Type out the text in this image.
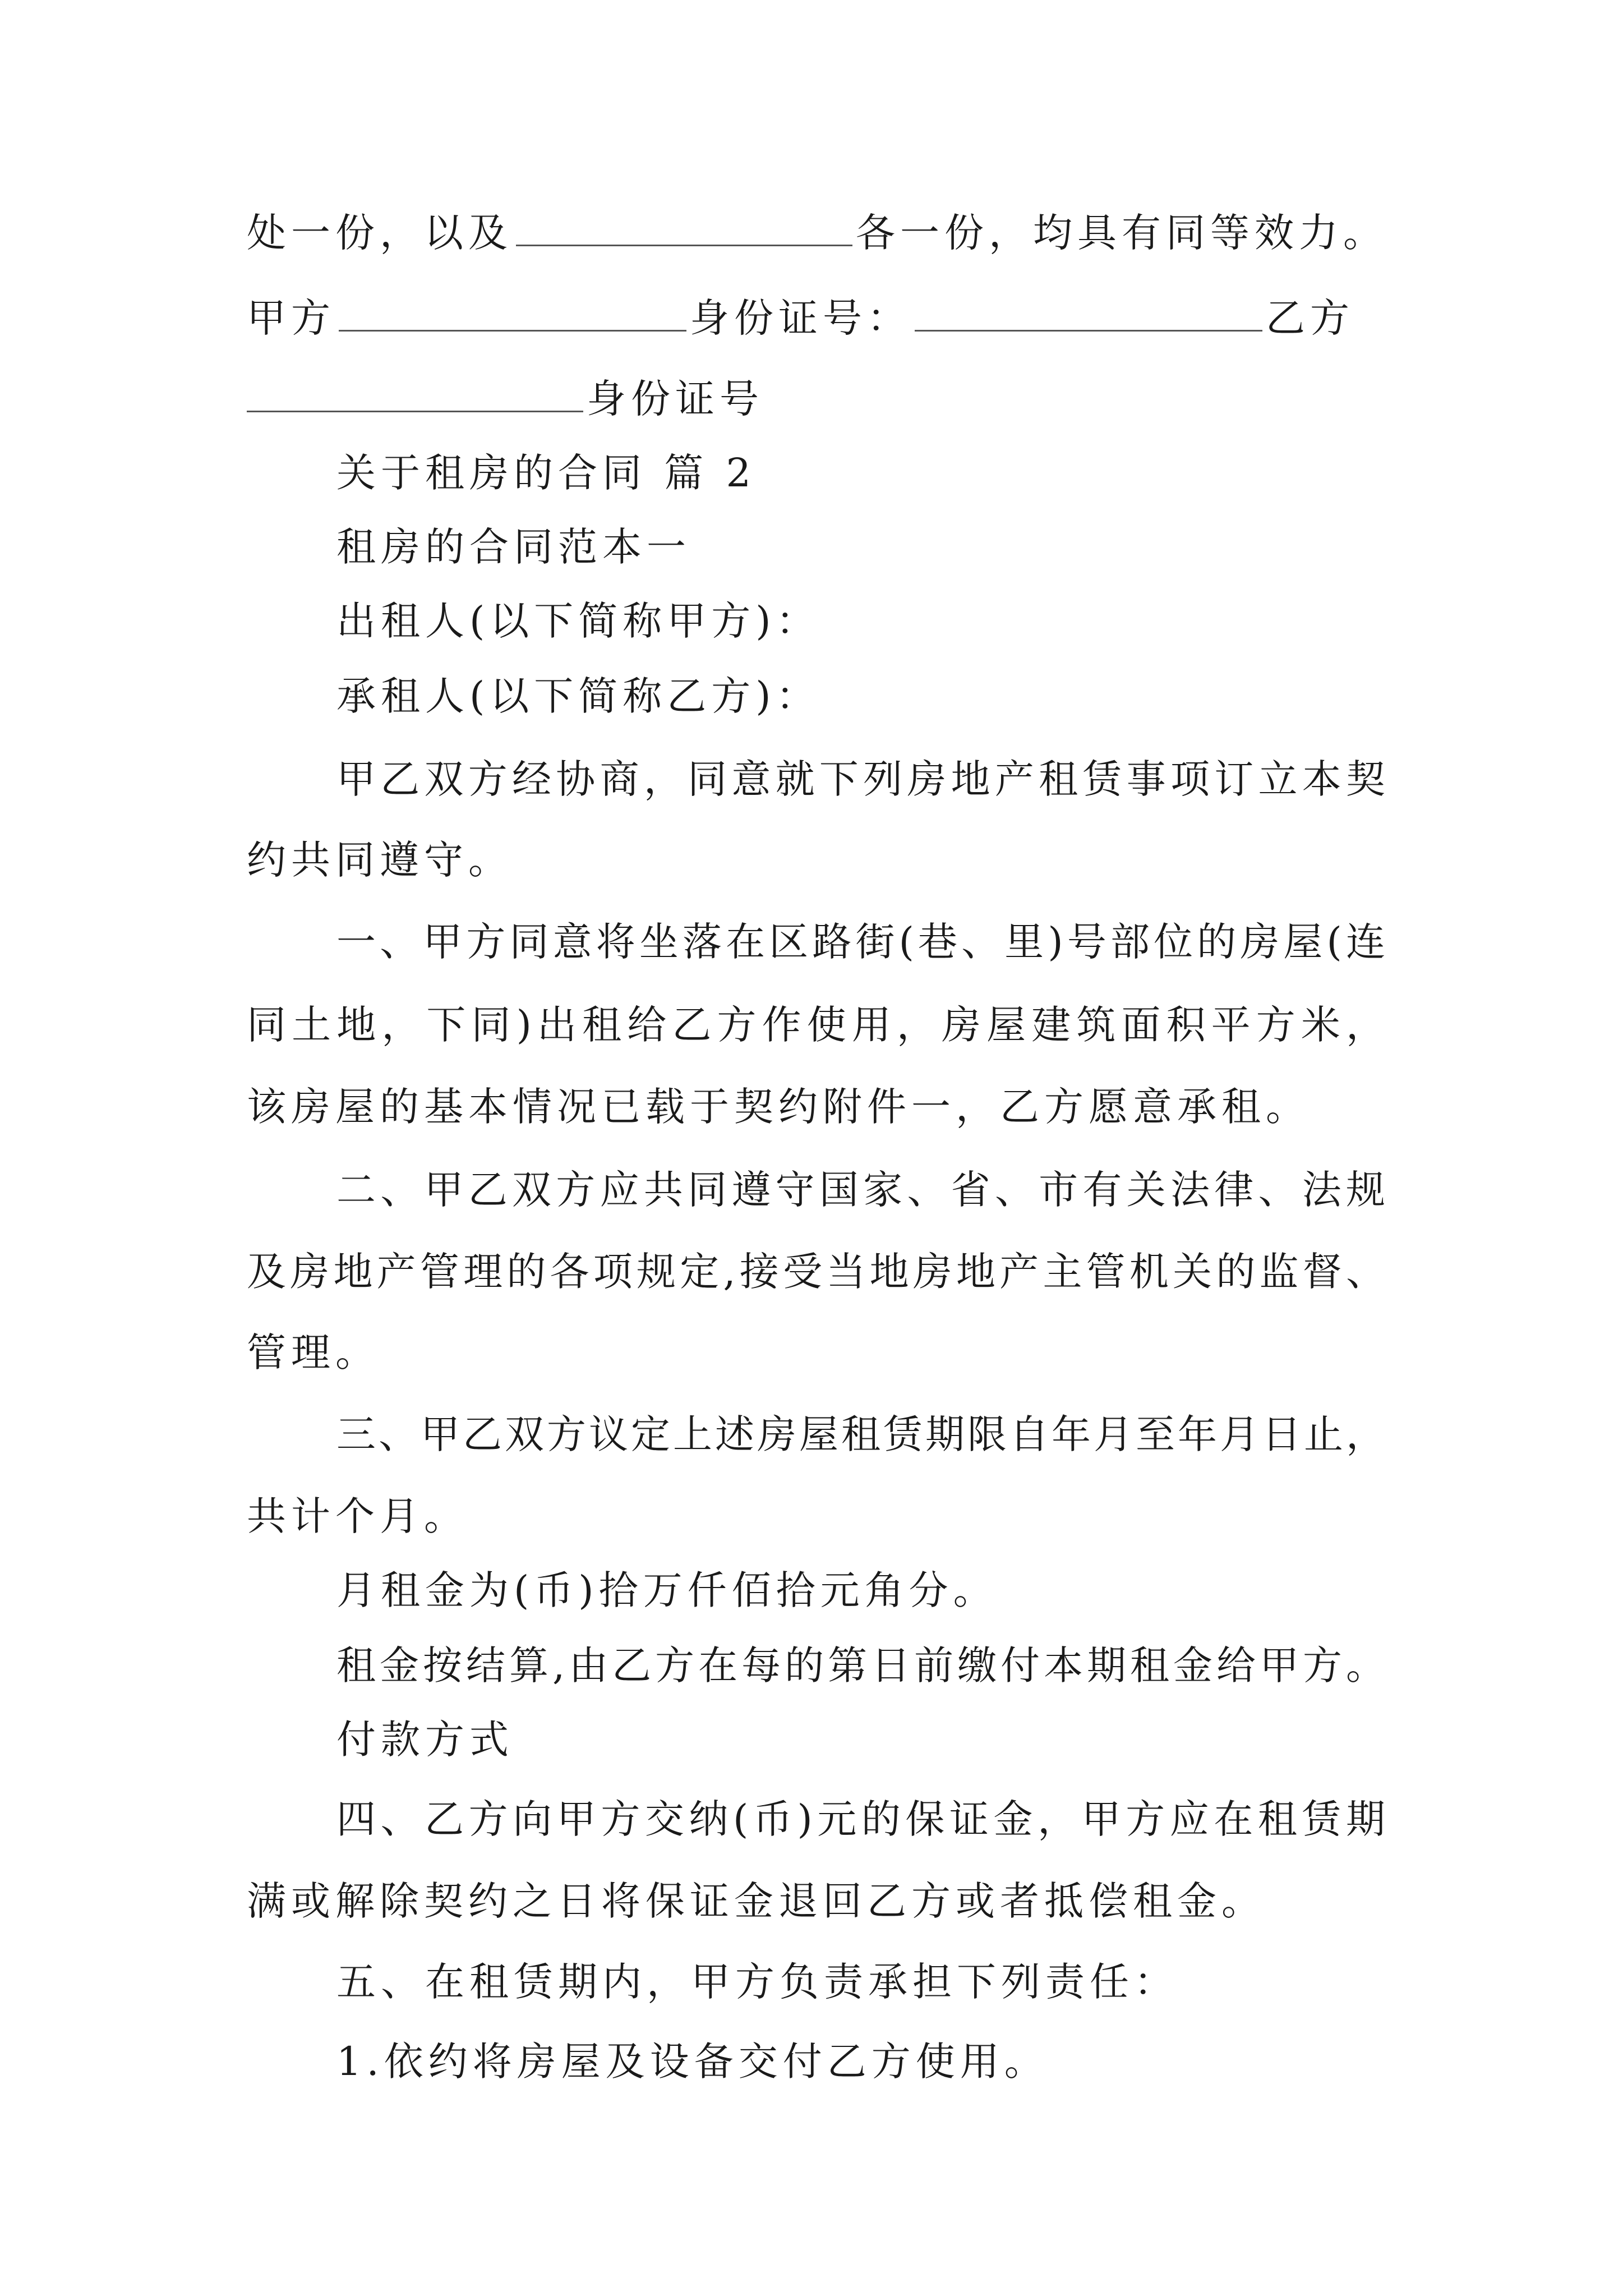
处一份，以及	各一份，均具有同等效力。
甲方	身份证号：	乙方
身份证号
关于租房的合同 篇 2
租房的合同范本一
出租人(以下简称甲方)：
承租人(以下简称乙方)：
甲乙双方经协商，同意就下列房地产租赁事项订立本契
约共同遵守。
一、甲方同意将坐落在区路街(巷、里)号部位的房屋(连
同土地，下同)出租给乙方作使用，房屋建筑面积平方米，
该房屋的基本情况已载于契约附件一，乙方愿意承租。
二、甲乙双方应共同遵守国家、省、市有关法律、法规
及房地产管理的各项规定,接受当地房地产主管机关的监督、
管理。
三、甲乙双方议定上述房屋租赁期限自年月至年月日止，
共计个月。
月租金为(币)拾万仟佰拾元角分。
租金按结算,由乙方在每的第日前缴付本期租金给甲方。
付款方式
四、乙方向甲方交纳(币)元的保证金，甲方应在租赁期
满或解除契约之日将保证金退回乙方或者抵偿租金。
五、在租赁期内，甲方负责承担下列责任：
1.依约将房屋及设备交付乙方使用。
